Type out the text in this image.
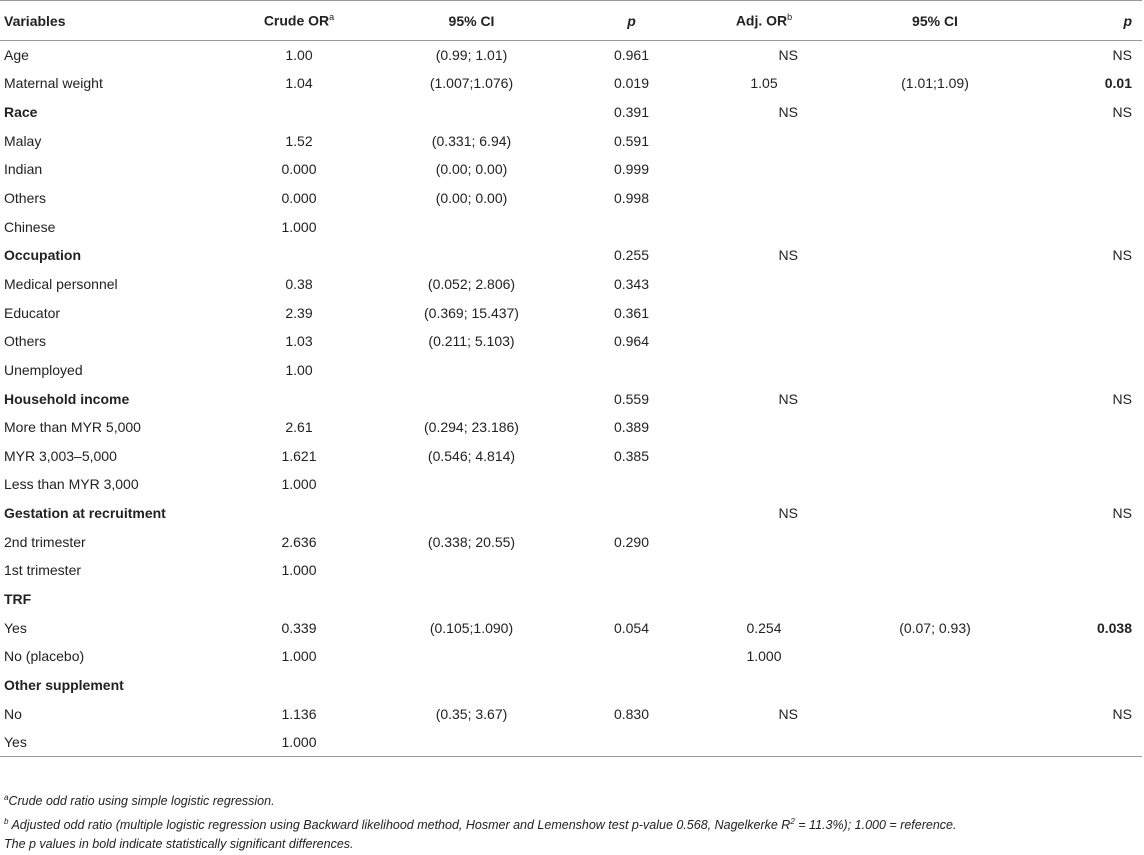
Variables	Crude $OR^a$	95% CI	p	Adj. $OR^b$	95% CI	p
Age	1.00	(0.99; 1.01)	0.961	NS		NS
Maternal weight	1.04	(1.007;1.076)	0.019	1.05	(1.01;1.09)	0.01
Race			0.391	NS		NS
Malay	1.52	(0.331; 6.94)	0.591			
Indian	0.000	(0.00; 0.00)	0.999			
Others	0.000	(0.00; 0.00)	0.998			
Chinese	1.000					
Occupation			0.255	NS		NS
Medical personnel	0.38	(0.052; 2.806)	0.343			
Educator	2.39	(0.369; 15.437)	0.361			
Others	1.03	(0.211; 5.103)	0.964			
Unemployed	1.00					
Household income			0.559	NS		NS
More than MYR 5,000	2.61	(0.294; 23.186)	0.389			
MYR 3,003–5,000	1.621	(0.546; 4.814)	0.385			
Less than MYR 3,000	1.000					
Gestation at recruitment				NS		NS
2nd trimester	2.636	(0.338; 20.55)	0.290			
1st trimester	1.000					
TRF						
Yes	0.339	(0.105;1.090)	0.054	0.254	(0.07; 0.93)	0.038
No (placebo)	1.000			1.000		
Other supplement						
No	1.136	(0.35; 3.67)	0.830	NS		NS
Yes	1.000					
$^a$Crude odd ratio using simple logistic regression.
$^b$ Adjusted odd ratio (multiple logistic regression using Backward likelihood method, Hosmer and Lemenshow test p-value 0.568, Nagelkerke $R^2 = 11.3\%$); 1.000 = reference.
The p values in bold indicate statistically significant differences.
